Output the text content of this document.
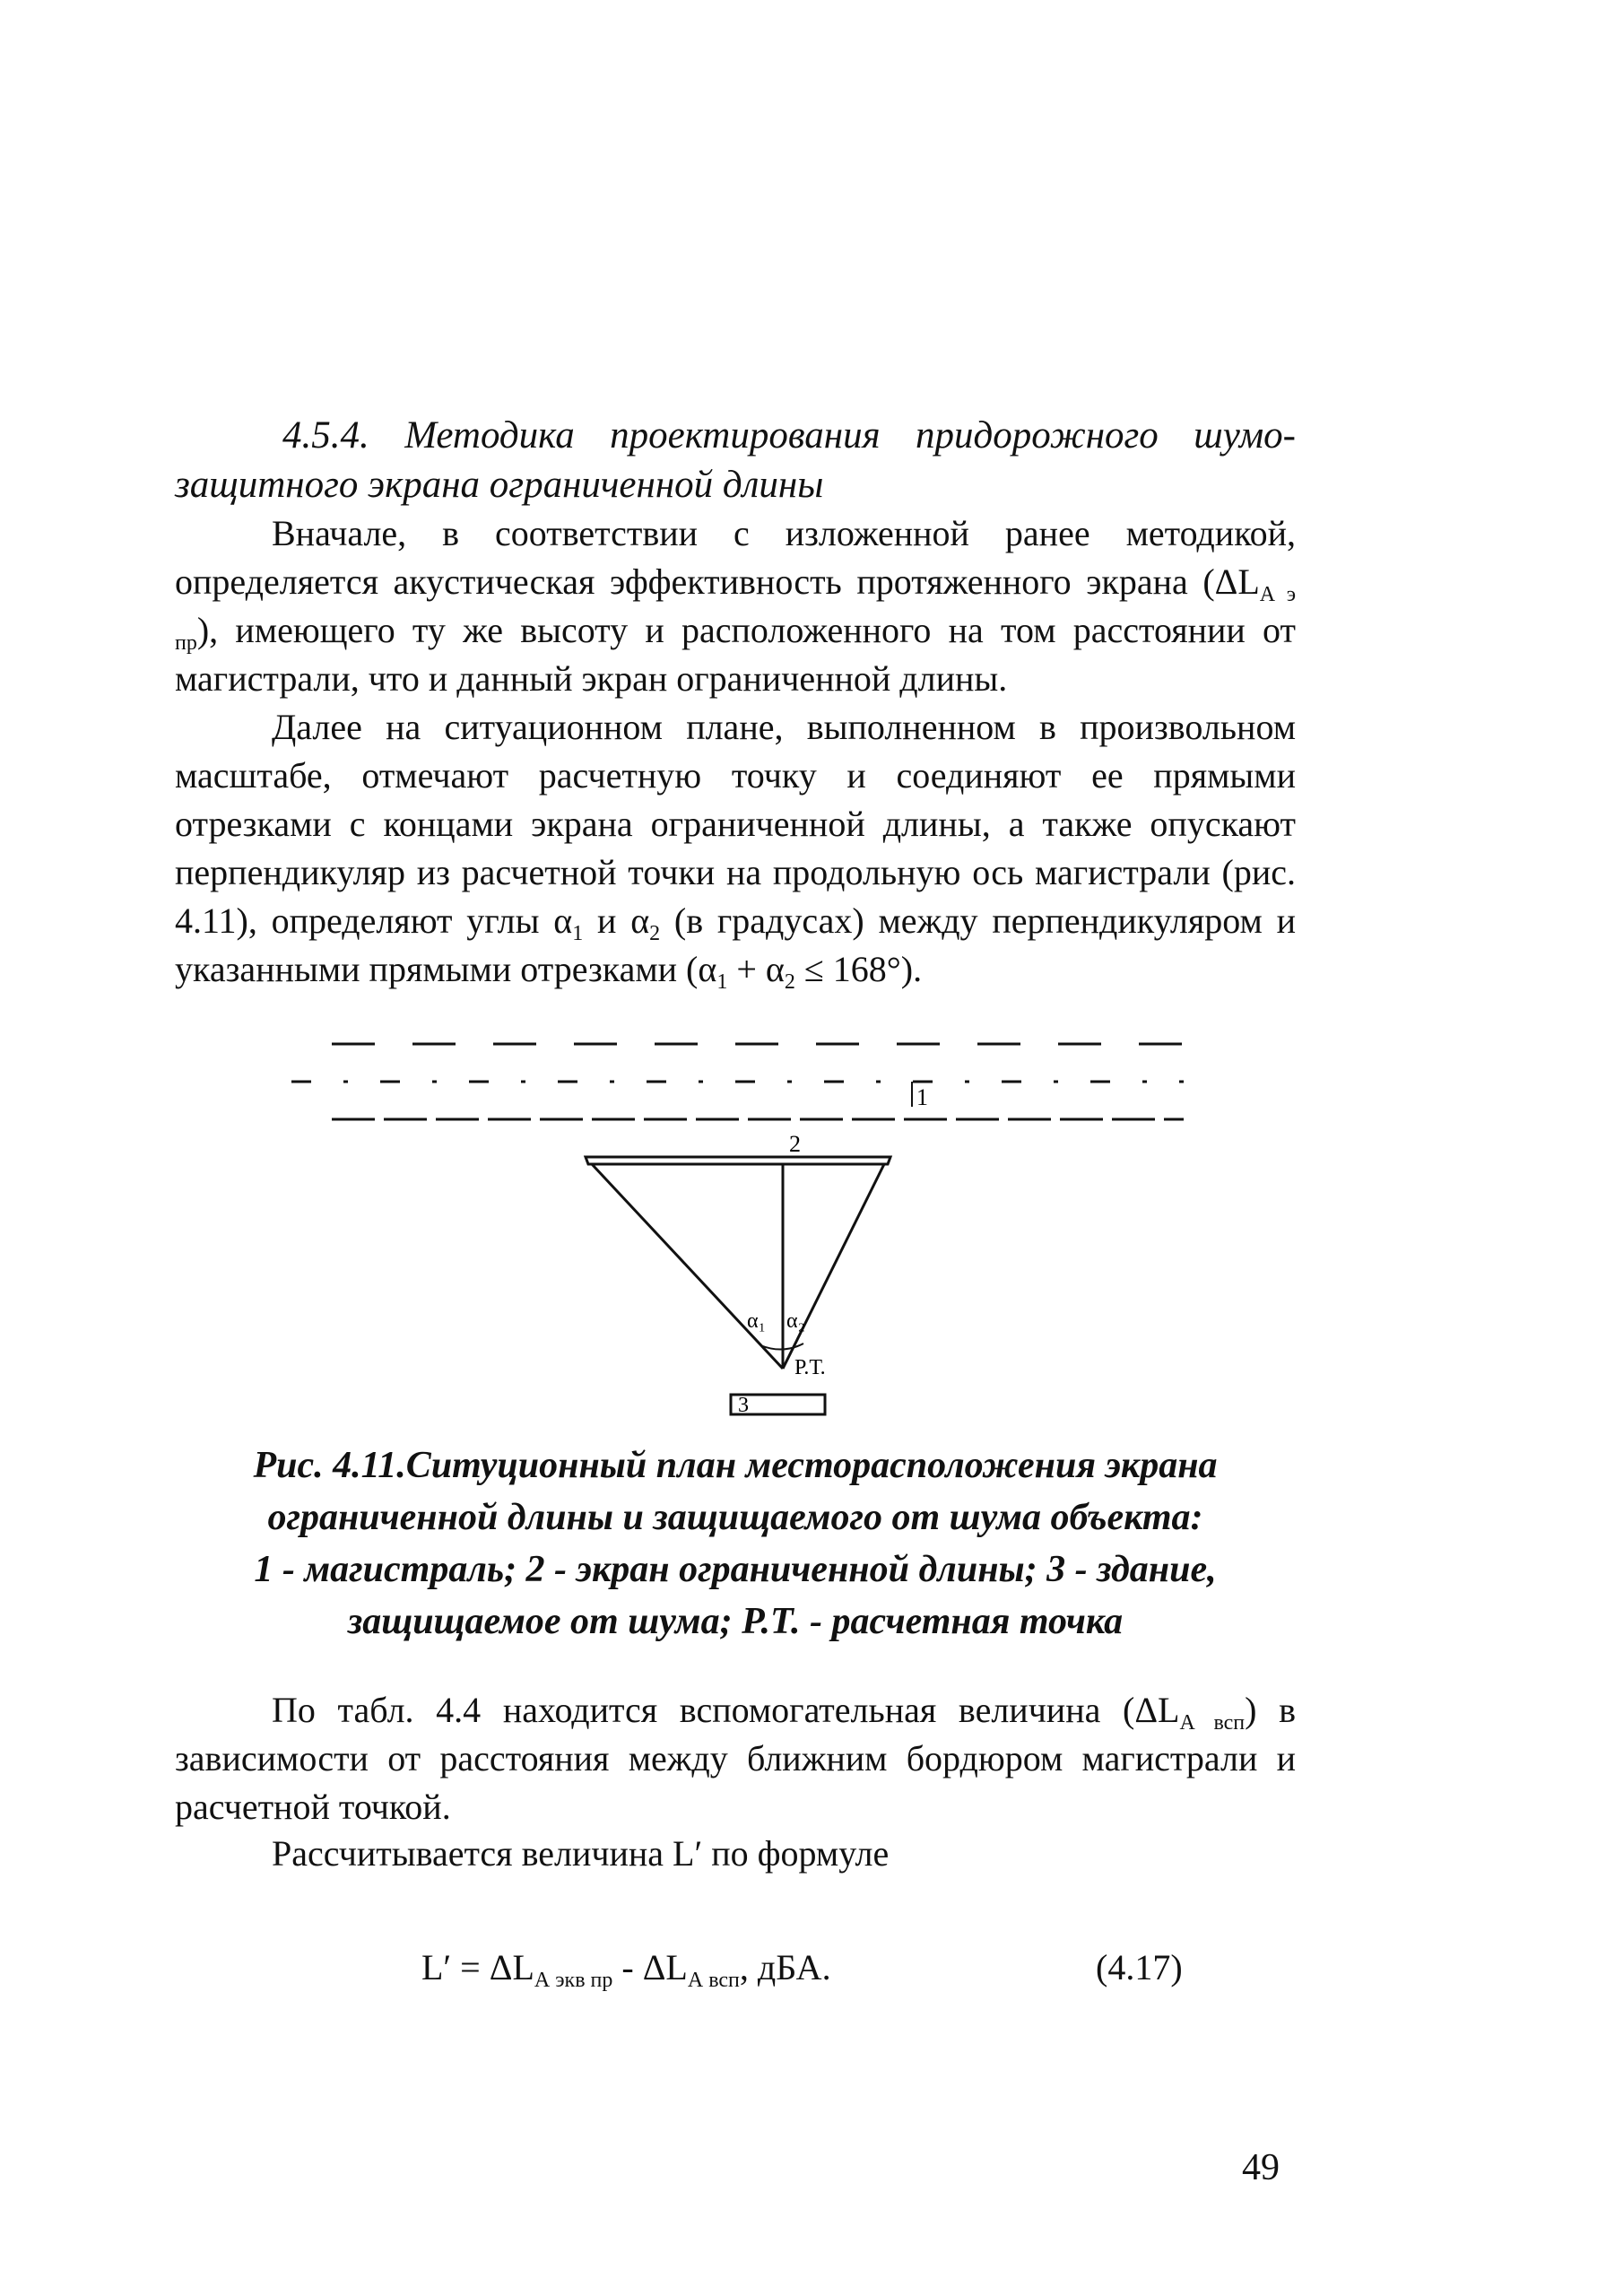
4.5.4. Методика проектирования придорожного шумо-
защитного экрана ограниченной длины

Вначале, в соответствии с изложенной ранее методикой, определяется акустическая эффективность протяженного экрана $(\Delta L_{А э пр})$, имеющего ту же высоту и расположенного на том расстоянии от магистрали, что и данный экран ограниченной длины.

Далее на ситуационном плане, выполненном в произвольном масштабе, отмечают расчетную точку и соединяют ее прямыми отрезками с концами экрана ограниченной длины, а также опускают перпендикуляр из расчетной точки на продольную ось магистрали (рис. 4.11), определяют углы $\alpha_1$ и $\alpha_2$ (в градусах) между перпендикуляром и указанными прямыми отрезками $(\alpha_1 + \alpha_2 \le 168^\circ)$.

1
2
α₁ α₂
Р.Т.
3
Рис. 4.11.Ситуционный план месторасположения экрана
ограниченной длины и защищаемого от шума объекта:
1 - магистраль; 2 - экран ограниченной длины; 3 - здание,
защищаемое от шума; Р.Т. - расчетная точка

По табл. 4.4 находится вспомогательная величина $(\Delta L_{А всп})$ в зависимости от расстояния между ближним бордюром магистрали и расчетной точкой.

Рассчитывается величина L′ по формуле

$L' = \Delta L_{А экв пр} - \Delta L_{А всп}$, дБА.	(4.17)
49
